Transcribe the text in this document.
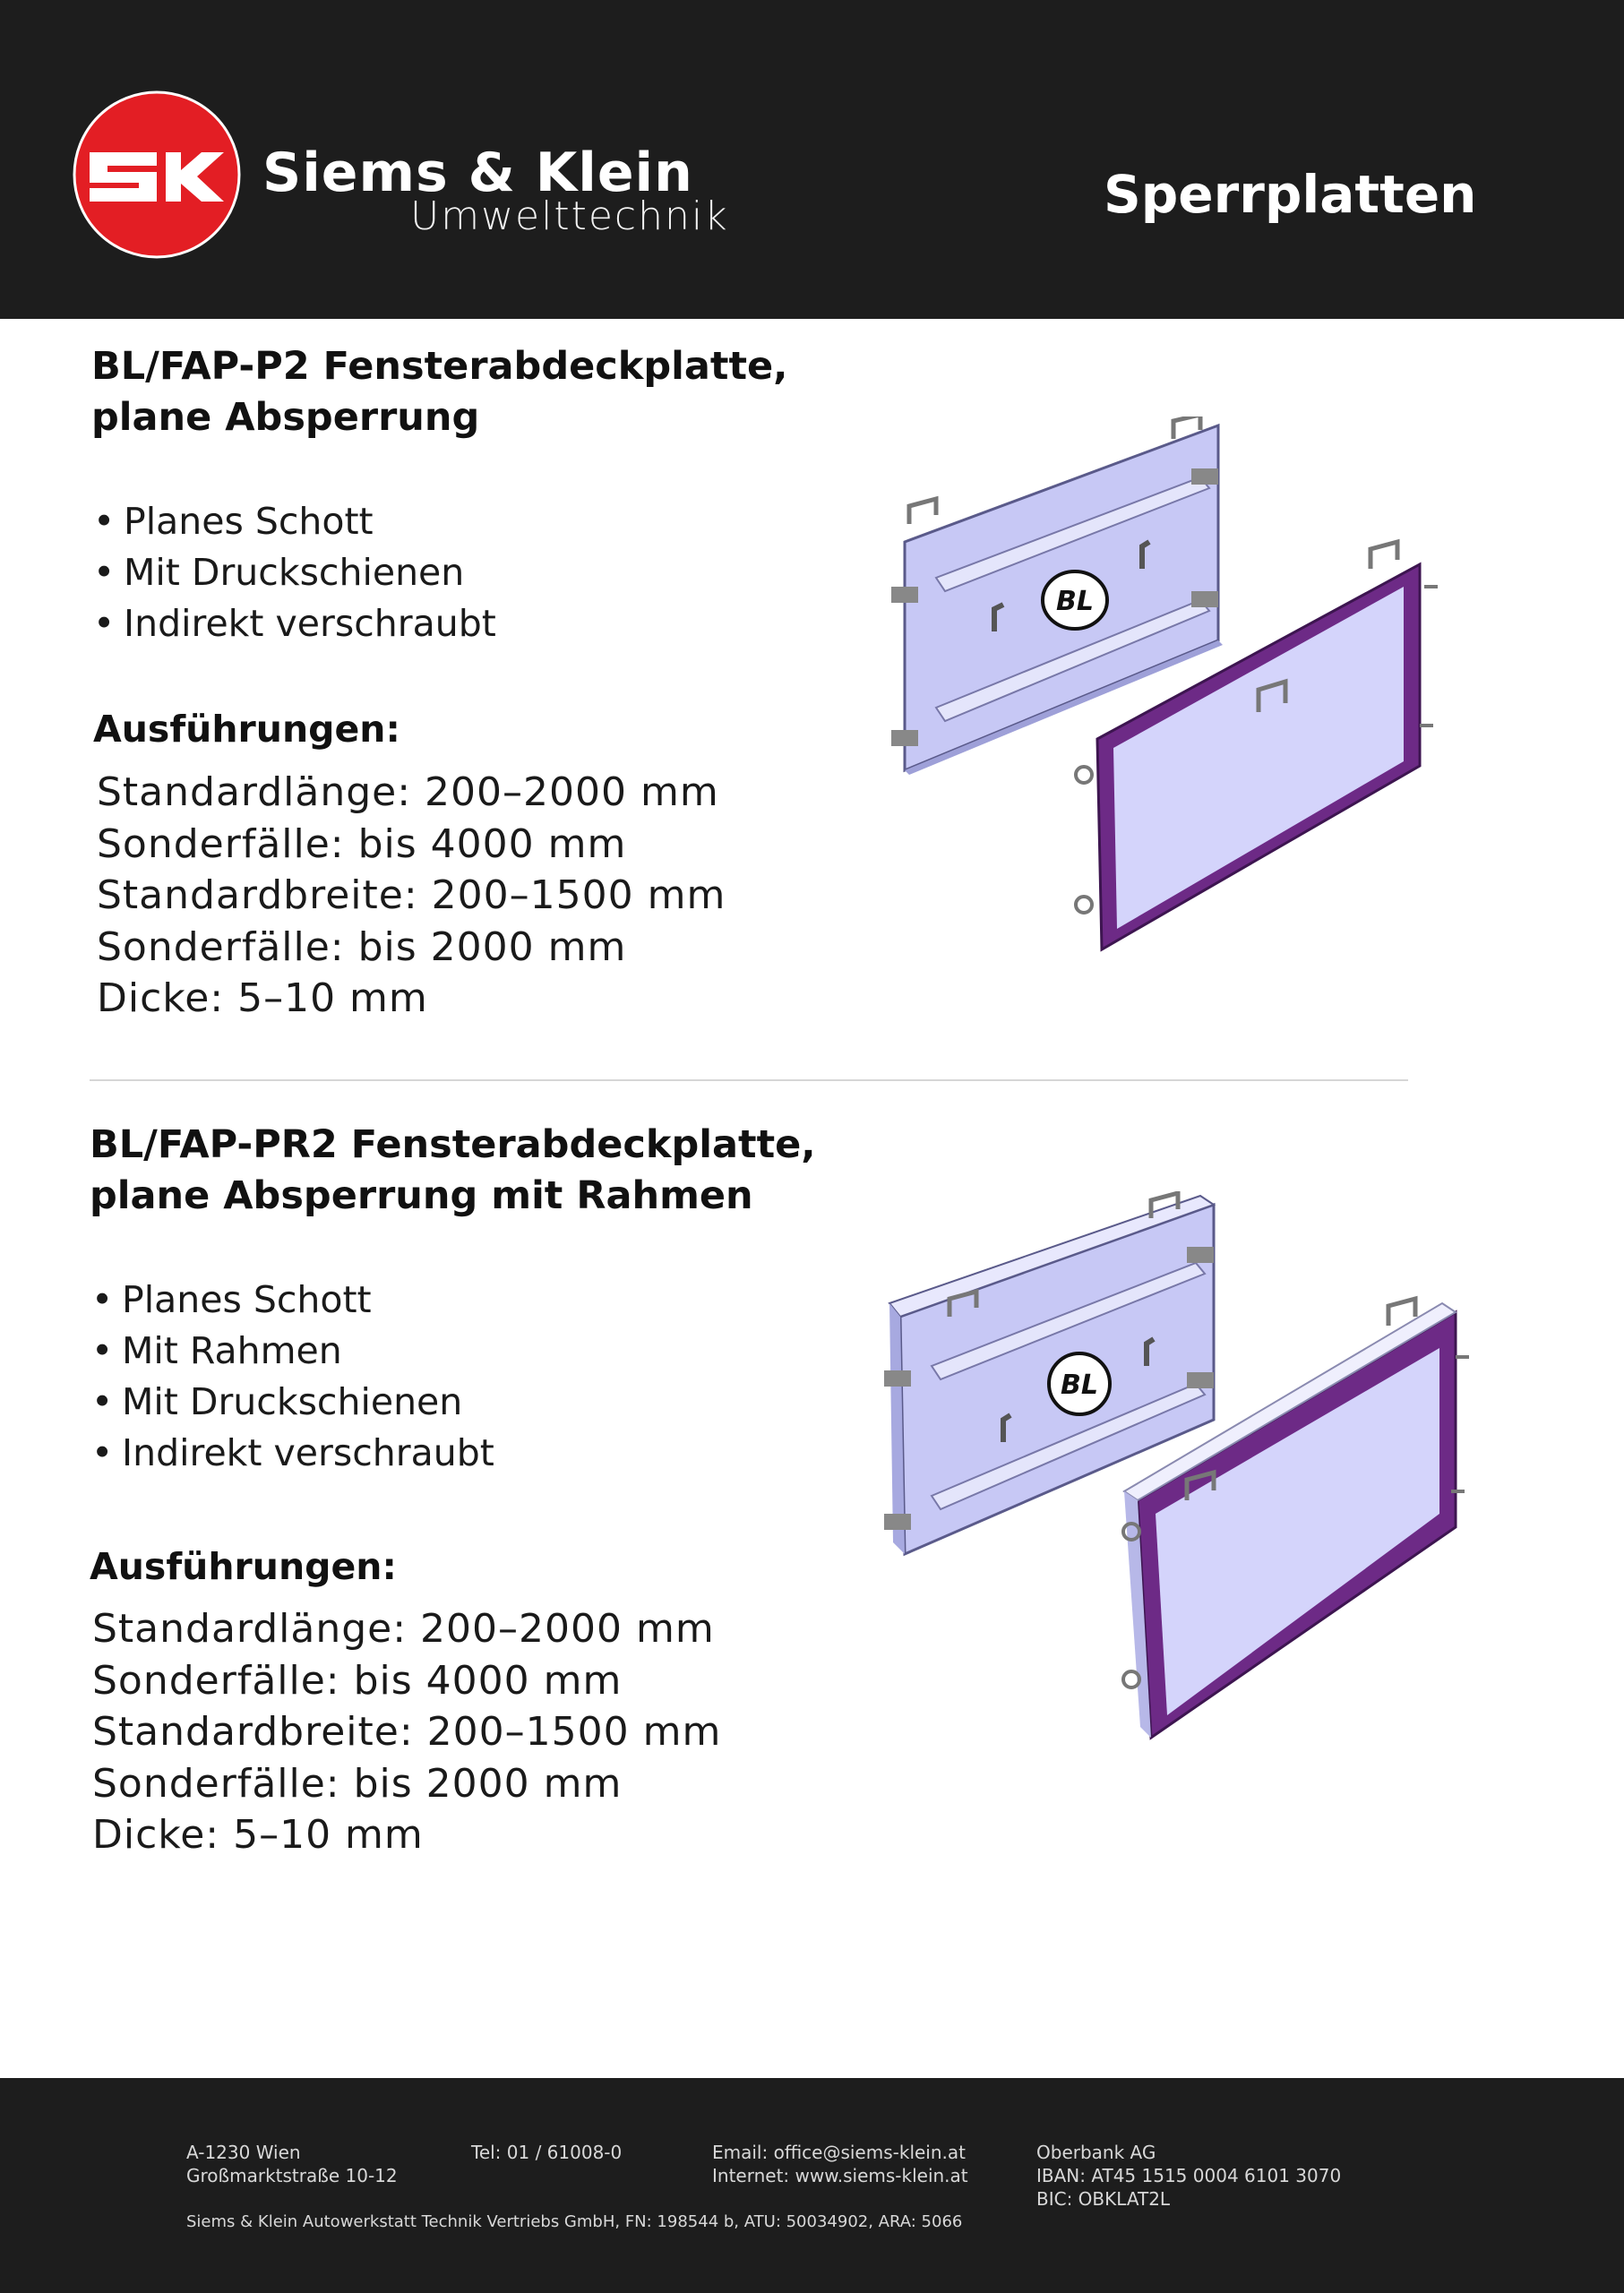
Siems & Klein
Umwelttechnik	Sperrplatten
BL/FAP-P2 Fensterabdeckplatte,
plane Absperrung
• Planes Schott
• Mit Druckschienen
• Indirekt verschraubt
Ausführungen:
Standardlänge: 200–2000 mm
Sonderfälle: bis 4000 mm
Standardbreite: 200–1500 mm
Sonderfälle: bis 2000 mm
Dicke: 5–10 mm
BL
BL/FAP-PR2 Fensterabdeckplatte,
plane Absperrung mit Rahmen
• Planes Schott
• Mit Rahmen
• Mit Druckschienen
• Indirekt verschraubt
Ausführungen:
Standardlänge: 200–2000 mm
Sonderfälle: bis 4000 mm
Standardbreite: 200–1500 mm
Sonderfälle: bis 2000 mm
Dicke: 5–10 mm
BL
A-1230 Wien
Großmarktstraße 10-12
Tel: 01 / 61008-0	Email: office@siems-klein.at
Internet: www.siems-klein.at
Oberbank AG
IBAN: AT45 1515 0004 6101 3070
BIC: OBKLAT2L
Siems & Klein Autowerkstatt Technik Vertriebs GmbH, FN: 198544 b, ATU: 50034902, ARA: 5066
